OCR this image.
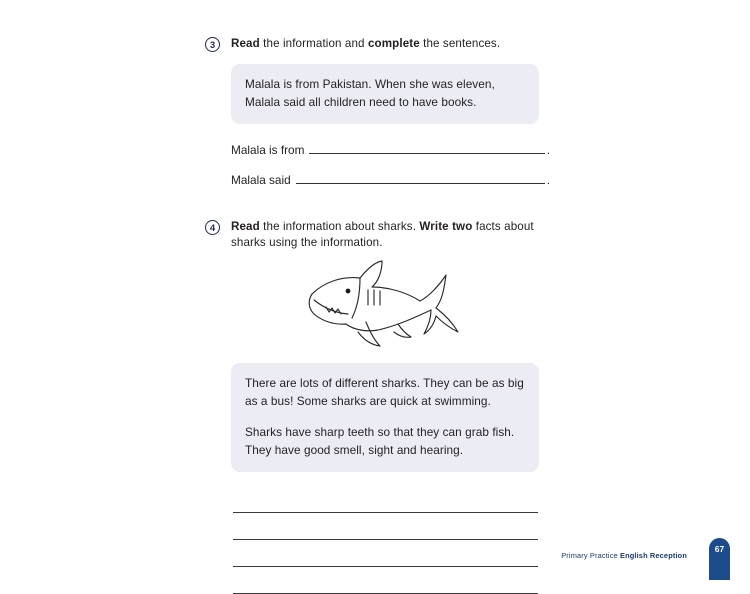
3	Read the information and complete the sentences.

Malala is from Pakistan. When she was eleven, Malala said all children need to have books.

Malala is from	.
Malala said	.
4	Read the information about sharks. Write two facts about sharks using the information.

There are lots of different sharks. They can be as big as a bus! Some sharks are quick at swimming.

Sharks have sharp teeth so that they can grab fish. They have good smell, sight and hearing.

Primary Practice English Reception
67
